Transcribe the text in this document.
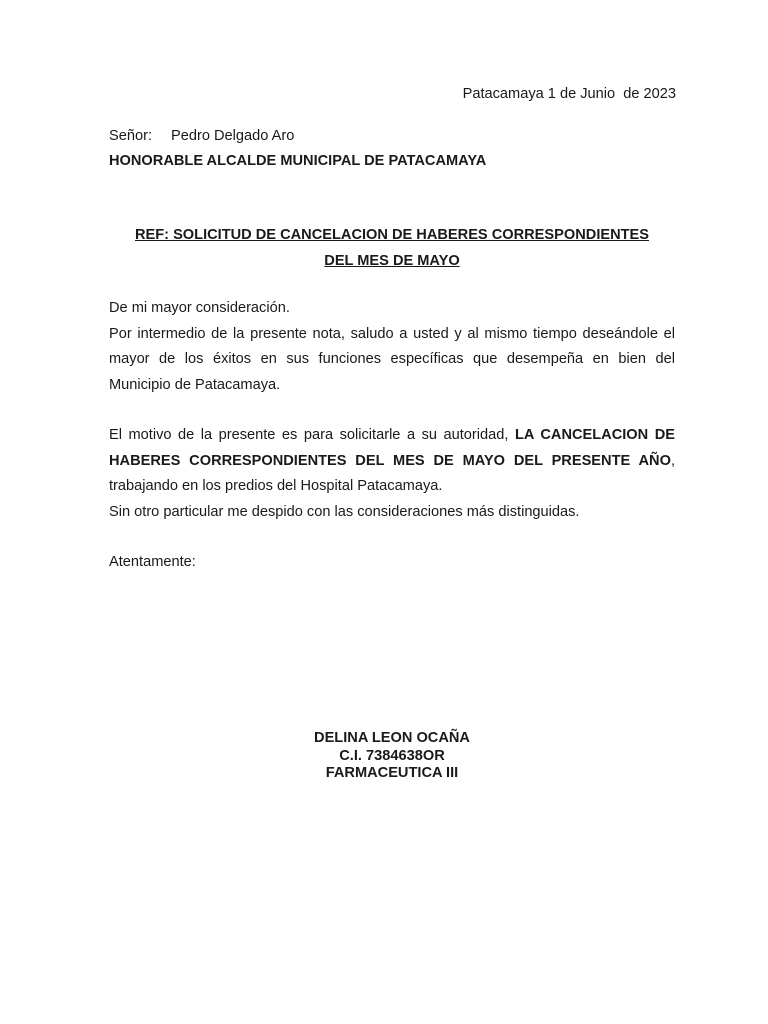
Patacamaya 1 de Junio  de 2023
Señor: Pedro Delgado Aro
HONORABLE ALCALDE MUNICIPAL DE PATACAMAYA
REF: SOLICITUD DE CANCELACION DE HABERES CORRESPONDIENTES
DEL MES DE MAYO

De mi mayor consideración.

Por intermedio de la presente nota, saludo a usted y al mismo tiempo deseándole el mayor de los éxitos en sus funciones específicas que desempeña en bien del Municipio de Patacamaya.

El motivo de la presente es para solicitarle a su autoridad, LA CANCELACION DE HABERES CORRESPONDIENTES DEL MES DE MAYO DEL PRESENTE AÑO, trabajando en los predios del Hospital Patacamaya.

Sin otro particular me despido con las consideraciones más distinguidas.

Atentamente:

DELINA LEON OCAÑA
C.I. 7384638OR
FARMACEUTICA III
